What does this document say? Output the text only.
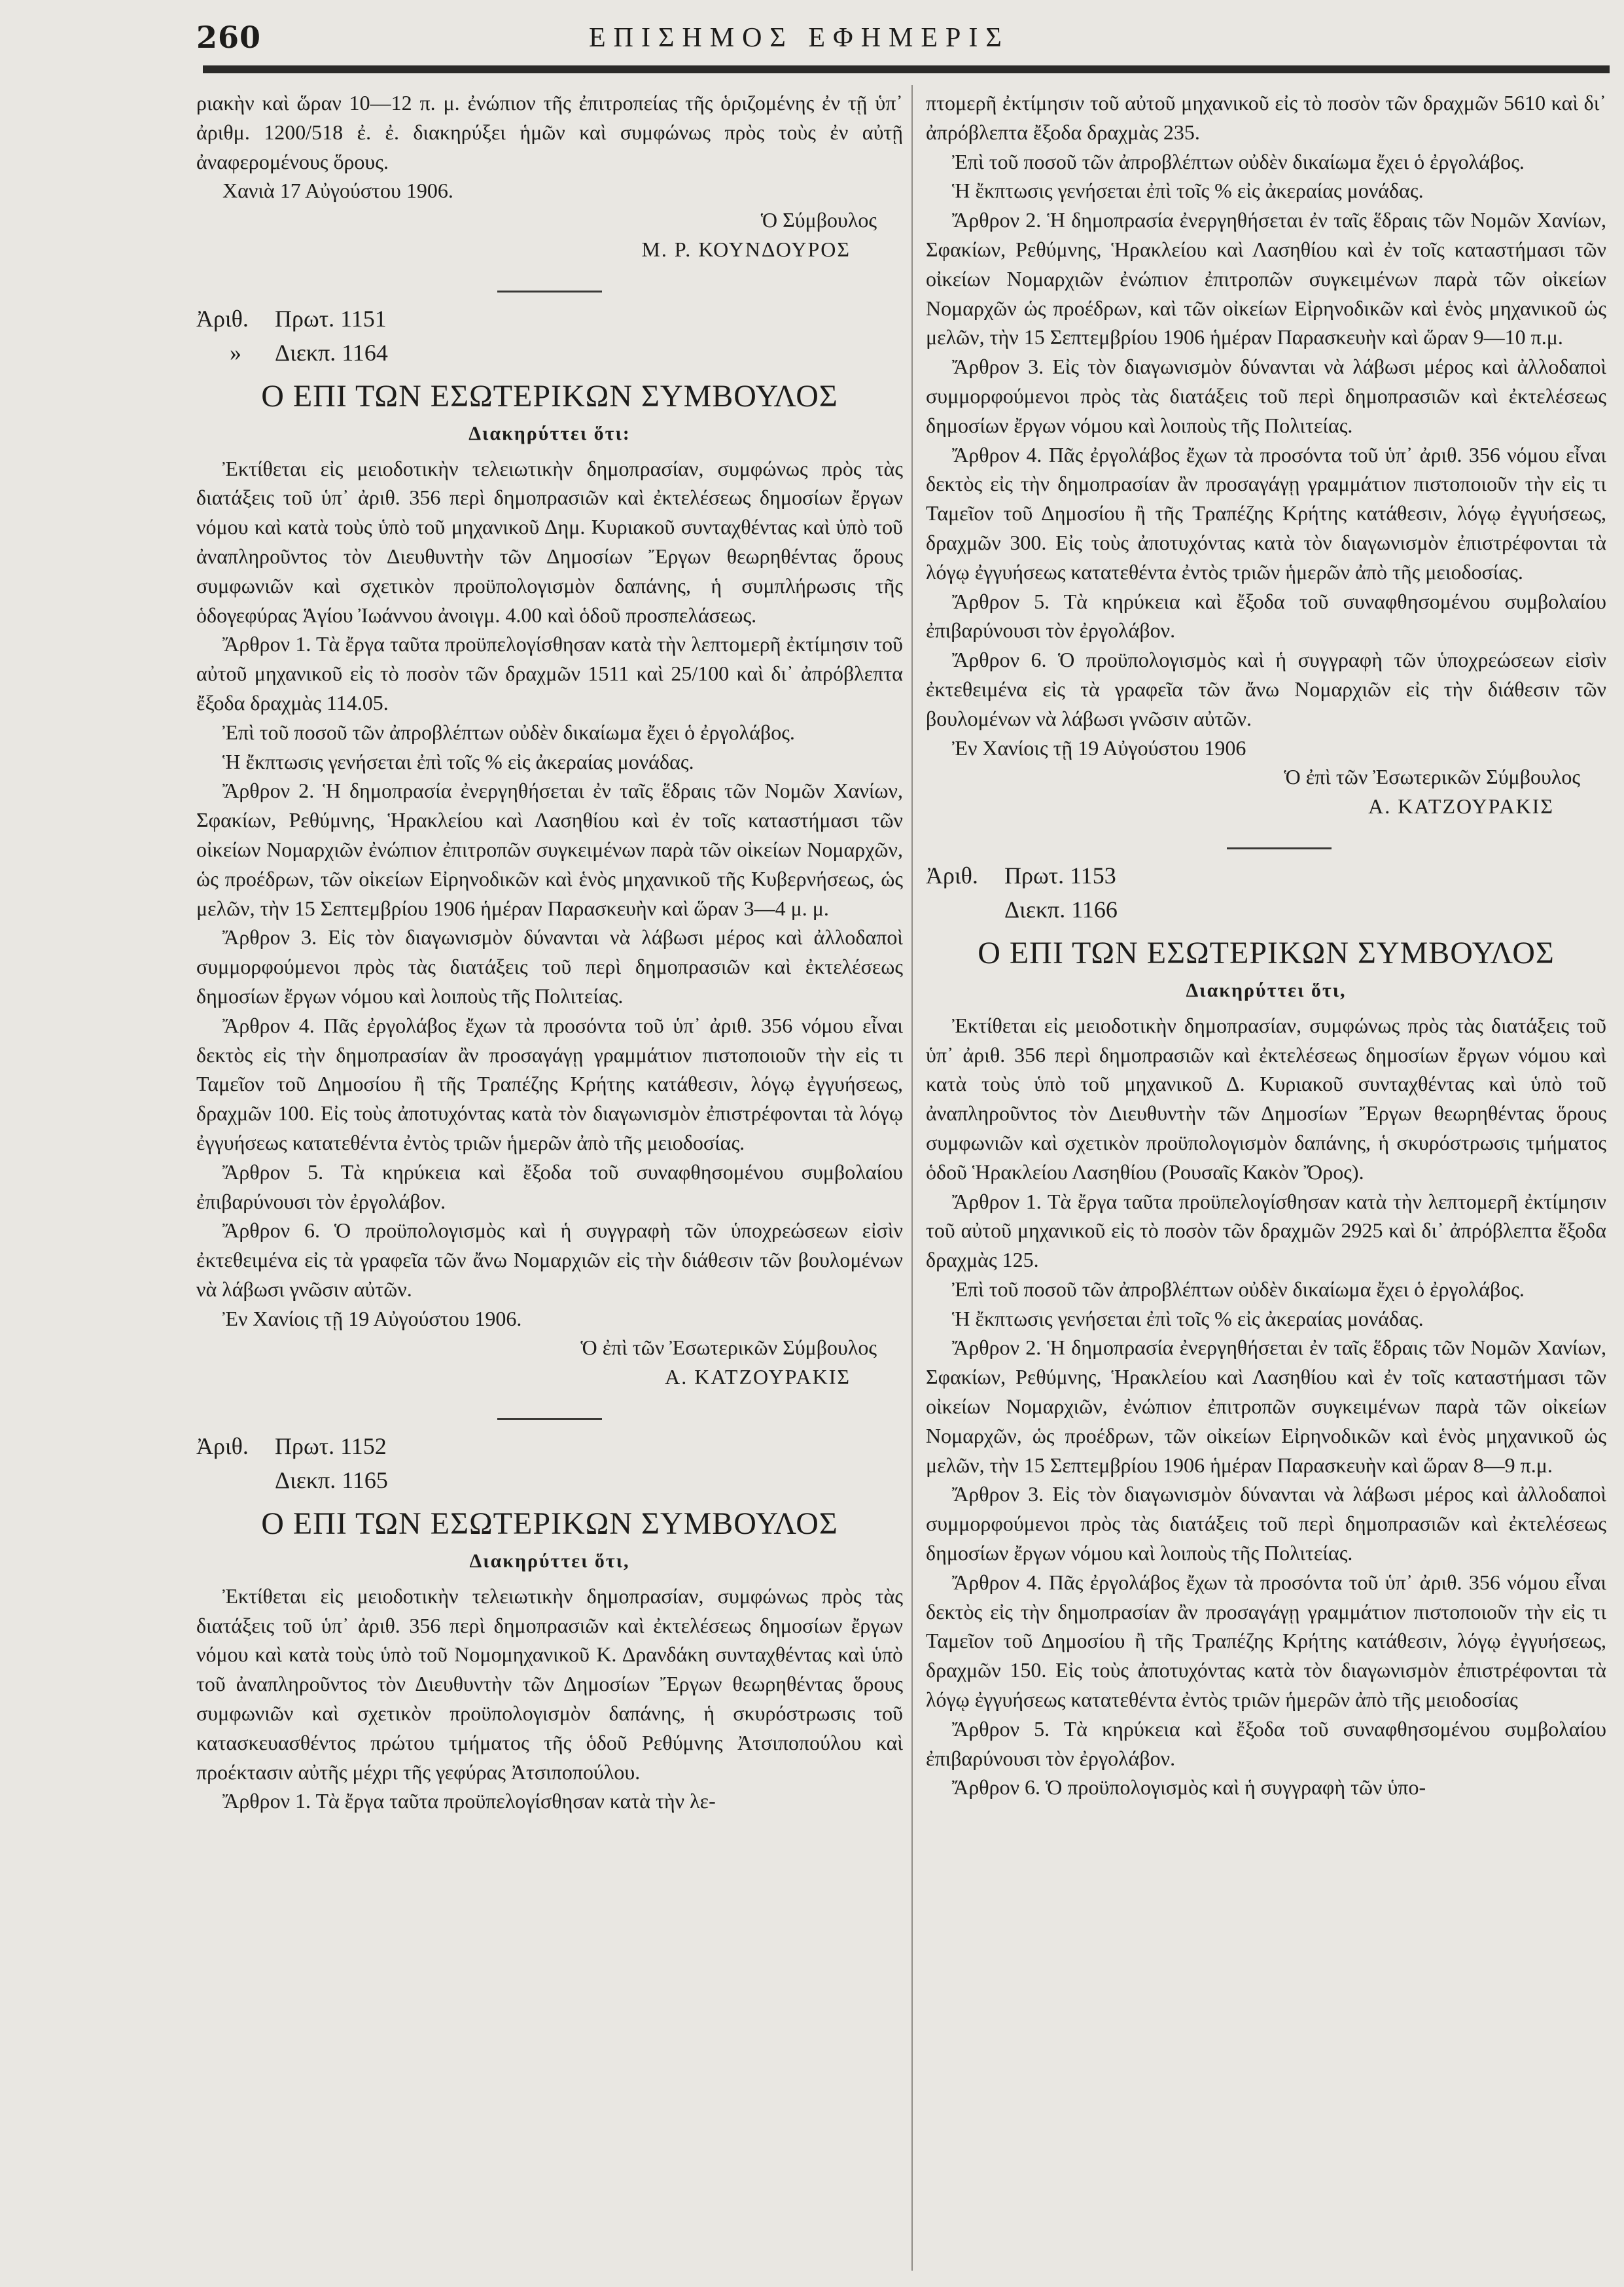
260	ΕΠΙΣΗΜΟΣ ΕΦΗΜΕΡΙΣ

ριακὴν καὶ ὥραν 10—12 π. μ. ἐνώπιον τῆς ἐπιτροπείας τῆς ὁριζομένης ἐν τῇ ὑπ᾽ ἀριθμ. 1200/518 ἐ. ἐ. διακηρύξει ἡμῶν καὶ συμφώνως πρὸς τοὺς ἐν αὐτῇ ἀναφερομένους ὅρους.

Χανιὰ 17 Αὐγούστου 1906.

Ὁ Σύμβουλος

Μ. Ρ. ΚΟΥΝΔΟΥΡΟΣ

Ἀριθ. Πρωτ. 1151
» Διεκπ. 1164
Ο ΕΠΙ ΤΩΝ ΕΣΩΤΕΡΙΚΩΝ ΣΥΜΒΟΥΛΟΣ
Διακηρύττει ὅτι:

Ἐκτίθεται εἰς μειοδοτικὴν τελειωτικὴν δημοπρασίαν, συμφώνως πρὸς τὰς διατάξεις τοῦ ὑπ᾽ ἀριθ. 356 περὶ δημοπρασιῶν καὶ ἐκτελέσεως δημοσίων ἔργων νόμου καὶ κατὰ τοὺς ὑπὸ τοῦ μηχανικοῦ Δημ. Κυριακοῦ συνταχθέντας καὶ ὑπὸ τοῦ ἀναπληροῦντος τὸν Διευθυντὴν τῶν Δημοσίων Ἔργων θεωρηθέντας ὅρους συμφωνιῶν καὶ σχετικὸν προϋπολογισμὸν δαπάνης, ἡ συμπλήρωσις τῆς ὁδογεφύρας Ἁγίου Ἰωάννου ἀνοιγμ. 4.00 καὶ ὁδοῦ προσπελάσεως.

Ἄρθρον 1. Τὰ ἔργα ταῦτα προϋπελογίσθησαν κατὰ τὴν λεπτομερῆ ἐκτίμησιν τοῦ αὐτοῦ μηχανικοῦ εἰς τὸ ποσὸν τῶν δραχμῶν 1511 καὶ 25/100 καὶ δι᾽ ἀπρόβλεπτα ἔξοδα δραχμὰς 114.05.

Ἐπὶ τοῦ ποσοῦ τῶν ἀπροβλέπτων οὐδὲν δικαίωμα ἔχει ὁ ἐργολάβος.

Ἡ ἔκπτωσις γενήσεται ἐπὶ τοῖς % εἰς ἀκεραίας μονάδας.

Ἄρθρον 2. Ἡ δημοπρασία ἐνεργηθήσεται ἐν ταῖς ἕδραις τῶν Νομῶν Χανίων, Σφακίων, Ρεθύμνης, Ἡρακλείου καὶ Λασηθίου καὶ ἐν τοῖς καταστήμασι τῶν οἰκείων Νομαρχιῶν ἐνώπιον ἐπιτροπῶν συγκειμένων παρὰ τῶν οἰκείων Νομαρχῶν, ὡς προέδρων, τῶν οἰκείων Εἰρηνοδικῶν καὶ ἑνὸς μηχανικοῦ τῆς Κυβερνήσεως, ὡς μελῶν, τὴν 15 Σεπτεμβρίου 1906 ἡμέραν Παρασκευὴν καὶ ὥραν 3—4 μ. μ.

Ἄρθρον 3. Εἰς τὸν διαγωνισμὸν δύνανται νὰ λάβωσι μέρος καὶ ἀλλοδαποὶ συμμορφούμενοι πρὸς τὰς διατάξεις τοῦ περὶ δημοπρασιῶν καὶ ἐκτελέσεως δημοσίων ἔργων νόμου καὶ λοιποὺς τῆς Πολιτείας.

Ἄρθρον 4. Πᾶς ἐργολάβος ἔχων τὰ προσόντα τοῦ ὑπ᾽ ἀριθ. 356 νόμου εἶναι δεκτὸς εἰς τὴν δημοπρασίαν ἂν προσαγάγῃ γραμμάτιον πιστοποιοῦν τὴν εἰς τι Ταμεῖον τοῦ Δημοσίου ἢ τῆς Τραπέζης Κρήτης κατάθεσιν, λόγῳ ἐγγυήσεως, δραχμῶν 100. Εἰς τοὺς ἀποτυχόντας κατὰ τὸν διαγωνισμὸν ἐπιστρέφονται τὰ λόγῳ ἐγγυήσεως κατατεθέντα ἐντὸς τριῶν ἡμερῶν ἀπὸ τῆς μειοδοσίας.

Ἄρθρον 5. Τὰ κηρύκεια καὶ ἔξοδα τοῦ συναφθησομένου συμβολαίου ἐπιβαρύνουσι τὸν ἐργολάβον.

Ἄρθρον 6. Ὁ προϋπολογισμὸς καὶ ἡ συγγραφὴ τῶν ὑποχρεώσεων εἰσὶν ἐκτεθειμένα εἰς τὰ γραφεῖα τῶν ἄνω Νομαρχιῶν εἰς τὴν διάθεσιν τῶν βουλομένων νὰ λάβωσι γνῶσιν αὐτῶν.

Ἐν Χανίοις τῇ 19 Αὐγούστου 1906.

Ὁ ἐπὶ τῶν Ἐσωτερικῶν Σύμβουλος

Α. ΚΑΤΖΟΥΡΑΚΙΣ

Ἀριθ. Πρωτ. 1152
Διεκπ. 1165
Ο ΕΠΙ ΤΩΝ ΕΣΩΤΕΡΙΚΩΝ ΣΥΜΒΟΥΛΟΣ
Διακηρύττει ὅτι,

Ἐκτίθεται εἰς μειοδοτικὴν τελειωτικὴν δημοπρασίαν, συμφώνως πρὸς τὰς διατάξεις τοῦ ὑπ᾽ ἀριθ. 356 περὶ δημοπρασιῶν καὶ ἐκτελέσεως δημοσίων ἔργων νόμου καὶ κατὰ τοὺς ὑπὸ τοῦ Νομομηχανικοῦ Κ. Δρανδάκη συνταχθέντας καὶ ὑπὸ τοῦ ἀναπληροῦντος τὸν Διευθυντὴν τῶν Δημοσίων Ἔργων θεωρηθέντας ὅρους συμφωνιῶν καὶ σχετικὸν προϋπολογισμὸν δαπάνης, ἡ σκυρόστρωσις τοῦ κατασκευασθέντος πρώτου τμήματος τῆς ὁδοῦ Ρεθύμνης Ἀτσιποπούλου καὶ προέκτασιν αὐτῆς μέχρι τῆς γεφύρας Ἀτσιποπούλου.

Ἄρθρον 1. Τὰ ἔργα ταῦτα προϋπελογίσθησαν κατὰ τὴν λε-

πτομερῆ ἐκτίμησιν τοῦ αὐτοῦ μηχανικοῦ εἰς τὸ ποσὸν τῶν δραχμῶν 5610 καὶ δι᾽ ἀπρόβλεπτα ἔξοδα δραχμὰς 235.

Ἐπὶ τοῦ ποσοῦ τῶν ἀπροβλέπτων οὐδὲν δικαίωμα ἔχει ὁ ἐργολάβος.

Ἡ ἔκπτωσις γενήσεται ἐπὶ τοῖς % εἰς ἀκεραίας μονάδας.

Ἄρθρον 2. Ἡ δημοπρασία ἐνεργηθήσεται ἐν ταῖς ἕδραις τῶν Νομῶν Χανίων, Σφακίων, Ρεθύμνης, Ἡρακλείου καὶ Λασηθίου καὶ ἐν τοῖς καταστήμασι τῶν οἰκείων Νομαρχιῶν ἐνώπιον ἐπιτροπῶν συγκειμένων παρὰ τῶν οἰκείων Νομαρχῶν ὡς προέδρων, καὶ τῶν οἰκείων Εἰρηνοδικῶν καὶ ἑνὸς μηχανικοῦ ὡς μελῶν, τὴν 15 Σεπτεμβρίου 1906 ἡμέραν Παρασκευὴν καὶ ὥραν 9—10 π.μ.

Ἄρθρον 3. Εἰς τὸν διαγωνισμὸν δύνανται νὰ λάβωσι μέρος καὶ ἀλλοδαποὶ συμμορφούμενοι πρὸς τὰς διατάξεις τοῦ περὶ δημοπρασιῶν καὶ ἐκτελέσεως δημοσίων ἔργων νόμου καὶ λοιποὺς τῆς Πολιτείας.

Ἄρθρον 4. Πᾶς ἐργολάβος ἔχων τὰ προσόντα τοῦ ὑπ᾽ ἀριθ. 356 νόμου εἶναι δεκτὸς εἰς τὴν δημοπρασίαν ἂν προσαγάγῃ γραμμάτιον πιστοποιοῦν τὴν εἰς τι Ταμεῖον τοῦ Δημοσίου ἢ τῆς Τραπέζης Κρήτης κατάθεσιν, λόγῳ ἐγγυήσεως, δραχμῶν 300. Εἰς τοὺς ἀποτυχόντας κατὰ τὸν διαγωνισμὸν ἐπιστρέφονται τὰ λόγῳ ἐγγυήσεως κατατεθέντα ἐντὸς τριῶν ἡμερῶν ἀπὸ τῆς μειοδοσίας.

Ἄρθρον 5. Τὰ κηρύκεια καὶ ἔξοδα τοῦ συναφθησομένου συμβολαίου ἐπιβαρύνουσι τὸν ἐργολάβον.

Ἄρθρον 6. Ὁ προϋπολογισμὸς καὶ ἡ συγγραφὴ τῶν ὑποχρεώσεων εἰσὶν ἐκτεθειμένα εἰς τὰ γραφεῖα τῶν ἄνω Νομαρχιῶν εἰς τὴν διάθεσιν τῶν βουλομένων νὰ λάβωσι γνῶσιν αὐτῶν.

Ἐν Χανίοις τῇ 19 Αὐγούστου 1906

Ὁ ἐπὶ τῶν Ἐσωτερικῶν Σύμβουλος

Α. ΚΑΤΖΟΥΡΑΚΙΣ

Ἀριθ. Πρωτ. 1153
Διεκπ. 1166
Ο ΕΠΙ ΤΩΝ ΕΣΩΤΕΡΙΚΩΝ ΣΥΜΒΟΥΛΟΣ
Διακηρύττει ὅτι,

Ἐκτίθεται εἰς μειοδοτικὴν δημοπρασίαν, συμφώνως πρὸς τὰς διατάξεις τοῦ ὑπ᾽ ἀριθ. 356 περὶ δημοπρασιῶν καὶ ἐκτελέσεως δημοσίων ἔργων νόμου καὶ κατὰ τοὺς ὑπὸ τοῦ μηχανικοῦ Δ. Κυριακοῦ συνταχθέντας καὶ ὑπὸ τοῦ ἀναπληροῦντος τὸν Διευθυντὴν τῶν Δημοσίων Ἔργων θεωρηθέντας ὅρους συμφωνιῶν καὶ σχετικὸν προϋπολογισμὸν δαπάνης, ἡ σκυρόστρωσις τμήματος ὁδοῦ Ἡρακλείου Λασηθίου (Ρουσαῖς Κακὸν Ὄρος).

Ἄρθρον 1. Τὰ ἔργα ταῦτα προϋπελογίσθησαν κατὰ τὴν λεπτομερῆ ἐκτίμησιν τοῦ αὐτοῦ μηχανικοῦ εἰς τὸ ποσὸν τῶν δραχμῶν 2925 καὶ δι᾽ ἀπρόβλεπτα ἔξοδα δραχμὰς 125.

Ἐπὶ τοῦ ποσοῦ τῶν ἀπροβλέπτων οὐδὲν δικαίωμα ἔχει ὁ ἐργολάβος.

Ἡ ἔκπτωσις γενήσεται ἐπὶ τοῖς % εἰς ἀκεραίας μονάδας.

Ἄρθρον 2. Ἡ δημοπρασία ἐνεργηθήσεται ἐν ταῖς ἕδραις τῶν Νομῶν Χανίων, Σφακίων, Ρεθύμνης, Ἡρακλείου καὶ Λασηθίου καὶ ἐν τοῖς καταστήμασι τῶν οἰκείων Νομαρχιῶν, ἐνώπιον ἐπιτροπῶν συγκειμένων παρὰ τῶν οἰκείων Νομαρχῶν, ὡς προέδρων, τῶν οἰκείων Εἰρηνοδικῶν καὶ ἑνὸς μηχανικοῦ ὡς μελῶν, τὴν 15 Σεπτεμβρίου 1906 ἡμέραν Παρασκευὴν καὶ ὥραν 8—9 π.μ.

Ἄρθρον 3. Εἰς τὸν διαγωνισμὸν δύνανται νὰ λάβωσι μέρος καὶ ἀλλοδαποὶ συμμορφούμενοι πρὸς τὰς διατάξεις τοῦ περὶ δημοπρασιῶν καὶ ἐκτελέσεως δημοσίων ἔργων νόμου καὶ λοιποὺς τῆς Πολιτείας.

Ἄρθρον 4. Πᾶς ἐργολάβος ἔχων τὰ προσόντα τοῦ ὑπ᾽ ἀριθ. 356 νόμου εἶναι δεκτὸς εἰς τὴν δημοπρασίαν ἂν προσαγάγῃ γραμμάτιον πιστοποιοῦν τὴν εἰς τι Ταμεῖον τοῦ Δημοσίου ἢ τῆς Τραπέζης Κρήτης κατάθεσιν, λόγῳ ἐγγυήσεως, δραχμῶν 150. Εἰς τοὺς ἀποτυχόντας κατὰ τὸν διαγωνισμὸν ἐπιστρέφονται τὰ λόγῳ ἐγγυήσεως κατατεθέντα ἐντὸς τριῶν ἡμερῶν ἀπὸ τῆς μειοδοσίας

Ἄρθρον 5. Τὰ κηρύκεια καὶ ἔξοδα τοῦ συναφθησομένου συμβολαίου ἐπιβαρύνουσι τὸν ἐργολάβον.

Ἄρθρον 6. Ὁ προϋπολογισμὸς καὶ ἡ συγγραφὴ τῶν ὑπο-
